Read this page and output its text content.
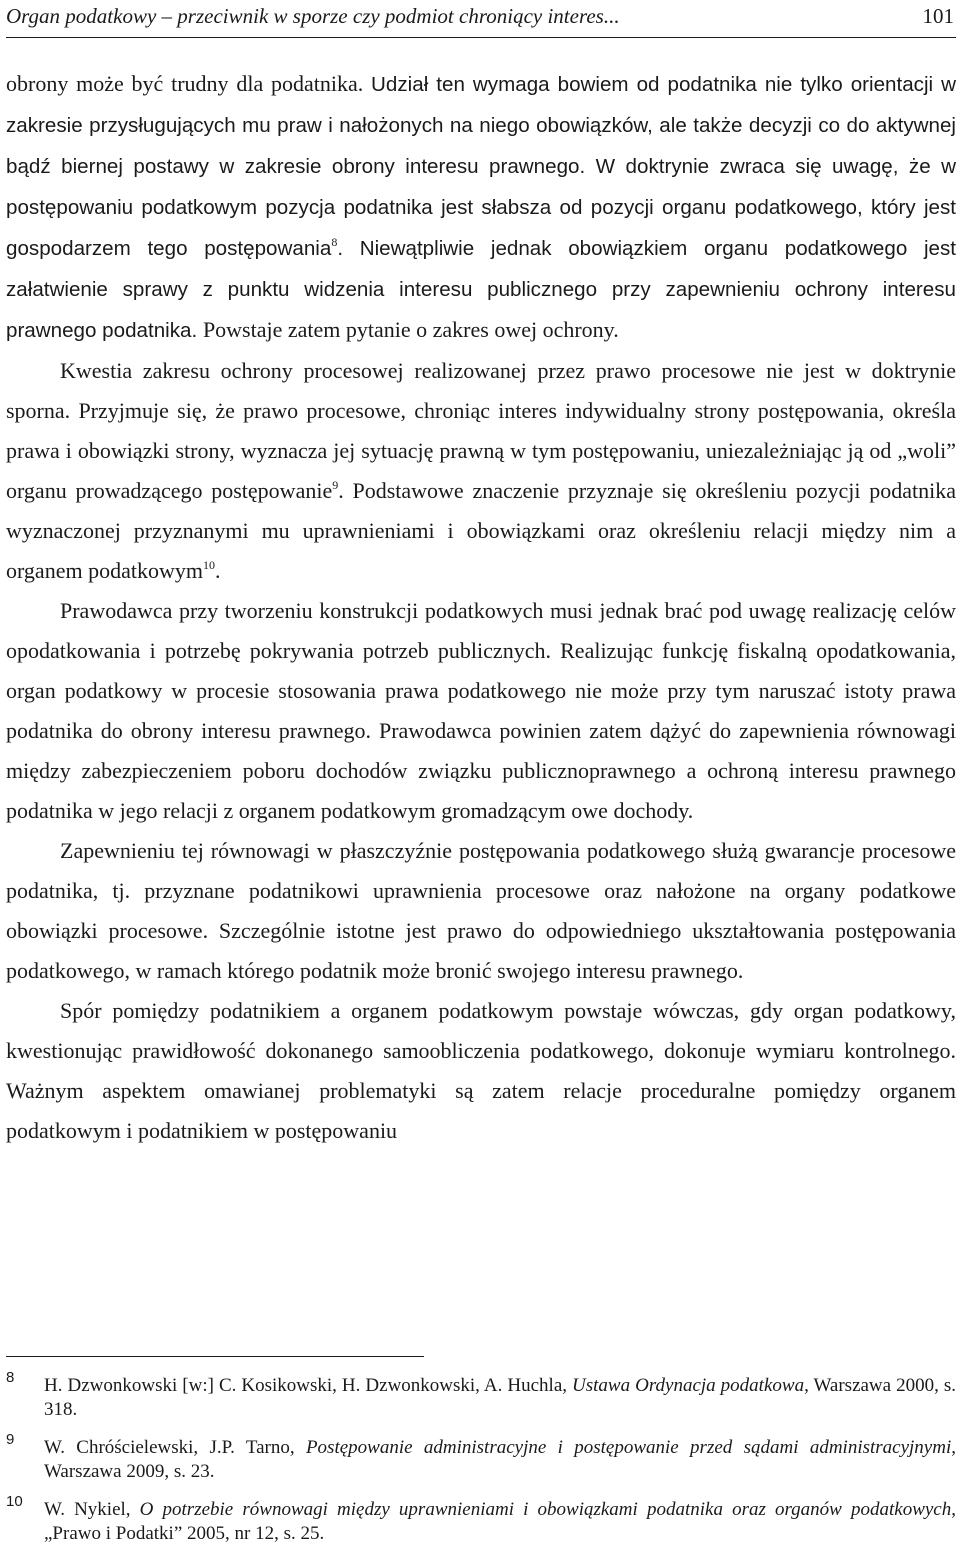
Organ podatkowy – przeciwnik w sporze czy podmiot chroniący interes...	101

obrony może być trudny dla podatnika. Udział ten wymaga bowiem od podatnika nie tylko orientacji w zakresie przysługujących mu praw i nałożonych na niego obowiązków, ale także decyzji co do aktywnej bądź biernej postawy w zakresie obrony interesu prawnego. W doktrynie zwraca się uwagę, że w postępowaniu podatkowym pozycja podatnika jest słabsza od pozycji organu podatkowego, który jest gospodarzem tego postępowania$^8$. Niewątpliwie jednak obowiązkiem organu podatkowego jest załatwienie sprawy z punktu widzenia interesu publicznego przy zapewnieniu ochrony interesu prawnego podatnika. Powstaje zatem pytanie o zakres owej ochrony.

Kwestia zakresu ochrony procesowej realizowanej przez prawo procesowe nie jest w doktrynie sporna. Przyjmuje się, że prawo procesowe, chroniąc interes indywidualny strony postępowania, określa prawa i obowiązki strony, wyznacza jej sytuację prawną w tym postępowaniu, uniezależniając ją od „woli” organu prowadzącego postępowanie$^9$. Podstawowe znaczenie przyznaje się określeniu pozycji podatnika wyznaczonej przyznanymi mu uprawnieniami i obowiązkami oraz określeniu relacji między nim a organem podatkowym$^{10}$.

Prawodawca przy tworzeniu konstrukcji podatkowych musi jednak brać pod uwagę realizację celów opodatkowania i potrzebę pokrywania potrzeb publicznych. Realizując funkcję fiskalną opodatkowania, organ podatkowy w procesie stosowania prawa podatkowego nie może przy tym naruszać istoty prawa podatnika do obrony interesu prawnego. Prawodawca powinien zatem dążyć do zapewnienia równowagi między zabezpieczeniem poboru dochodów związku publicznoprawnego a ochroną interesu prawnego podatnika w jego relacji z organem podatkowym gromadzącym owe dochody.

Zapewnieniu tej równowagi w płaszczyźnie postępowania podatkowego służą gwarancje procesowe podatnika, tj. przyznane podatnikowi uprawnienia procesowe oraz nałożone na organy podatkowe obowiązki procesowe. Szczególnie istotne jest prawo do odpowiedniego ukształtowania postępowania podatkowego, w ramach którego podatnik może bronić swojego interesu prawnego.

Spór pomiędzy podatnikiem a organem podatkowym powstaje wówczas, gdy organ podatkowy, kwestionując prawidłowość dokonanego samoobliczenia podatkowego, dokonuje wymiaru kontrolnego. Ważnym aspektem omawianej problematyki są zatem relacje proceduralne pomiędzy organem podatkowym i podatnikiem w postępowaniu

8 H. Dzwonkowski [w:] C. Kosikowski, H. Dzwonkowski, A. Huchla, Ustawa Ordynacja podatkowa, Warszawa 2000, s. 318.
9 W. Chróścielewski, J.P. Tarno, Postępowanie administracyjne i postępowanie przed sądami administracyjnymi, Warszawa 2009, s. 23.
10 W. Nykiel, O potrzebie równowagi między uprawnieniami i obowiązkami podatnika oraz organów podatkowych, „Prawo i Podatki” 2005, nr 12, s. 25.
